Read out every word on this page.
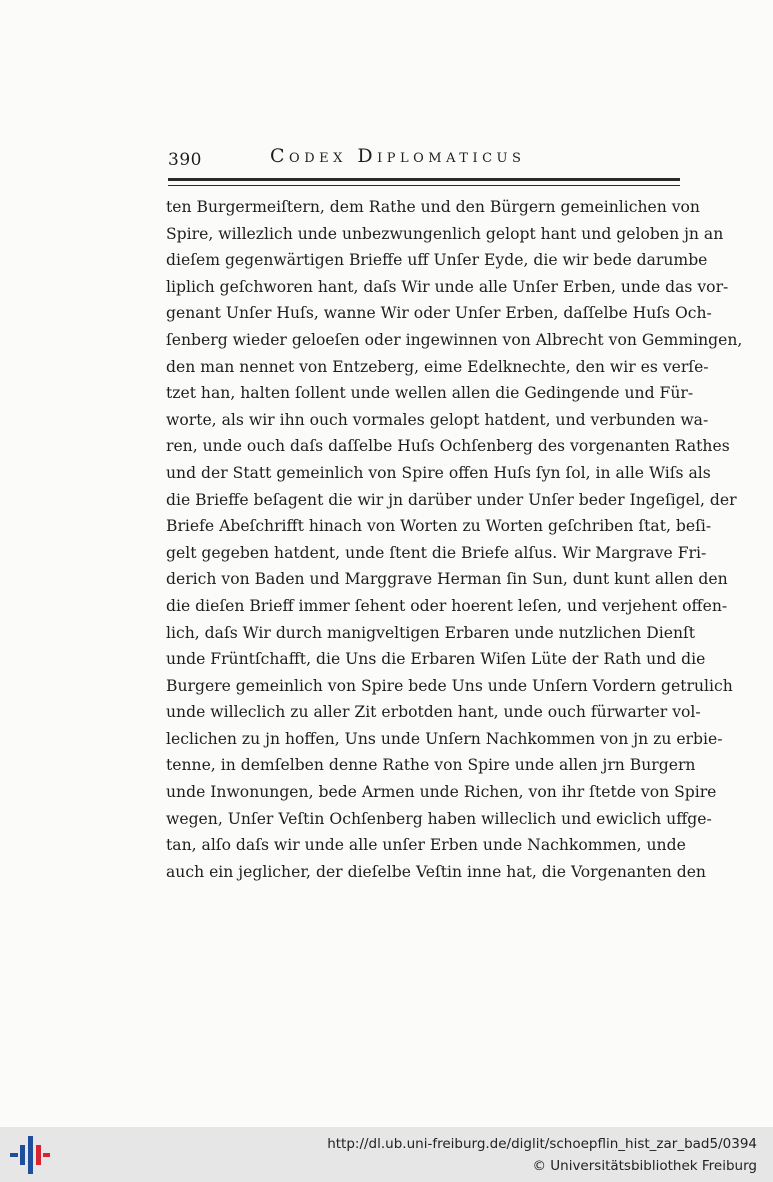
390	Codex Diplomaticus
ten Burgermeiſtern, dem Rathe und den Bürgern gemeinlichen von
Spire, willezlich unde unbezwungenlich gelopt hant und geloben jn an
dieſem gegenwärtigen Brieffe uff Unſer Eyde, die wir bede darumbe
liplich geſchworen hant, daſs Wir unde alle Unſer Erben, unde das vor-
genant Unſer Huſs, wanne Wir oder Unſer Erben, daſſelbe Huſs Och-
ſenberg wieder geloeſen oder ingewinnen von Albrecht von Gemmingen,
den man nennet von Entzeberg, eime Edelknechte, den wir es verſe-
tzet han, halten ſollent unde wellen allen die Gedingende und Für-
worte, als wir ihn ouch vormales gelopt hatdent, und verbunden wa-
ren, unde ouch daſs daſſelbe Huſs Ochſenberg des vorgenanten Rathes
und der Statt gemeinlich von Spire offen Huſs ſyn ſol, in alle Wiſs als
die Brieffe beſagent die wir jn darüber under Unſer beder Ingeſigel, der
Briefe Abeſchrifft hinach von Worten zu Worten geſchriben ſtat, beſi-
gelt gegeben hatdent, unde ſtent die Briefe alſus. Wir Margrave Fri-
derich von Baden und Marggrave Herman ſin Sun, dunt kunt allen den
die dieſen Brieff immer ſehent oder hoerent leſen, und verjehent offen-
lich, daſs Wir durch manigveltigen Erbaren unde nutzlichen Dienſt
unde Früntſchafft, die Uns die Erbaren Wiſen Lüte der Rath und die
Burgere gemeinlich von Spire bede Uns unde Unſern Vordern getrulich
unde willeclich zu aller Zit erbotden hant, unde ouch fürwarter vol-
leclichen zu jn hoffen, Uns unde Unſern Nachkommen von jn zu erbie-
tenne, in demſelben denne Rathe von Spire unde allen jrn Burgern
unde Inwonungen, bede Armen unde Richen, von ihr ſtetde von Spire
wegen, Unſer Veſtin Ochſenberg haben willeclich und ewiclich uffge-
tan, alſo daſs wir unde alle unſer Erben unde Nachkommen, unde
auch ein jeglicher, der dieſelbe Veſtin inne hat, die Vorgenanten den
http://dl.ub.uni-freiburg.de/diglit/schoepflin_hist_zar_bad5/0394
© Universitätsbibliothek Freiburg
